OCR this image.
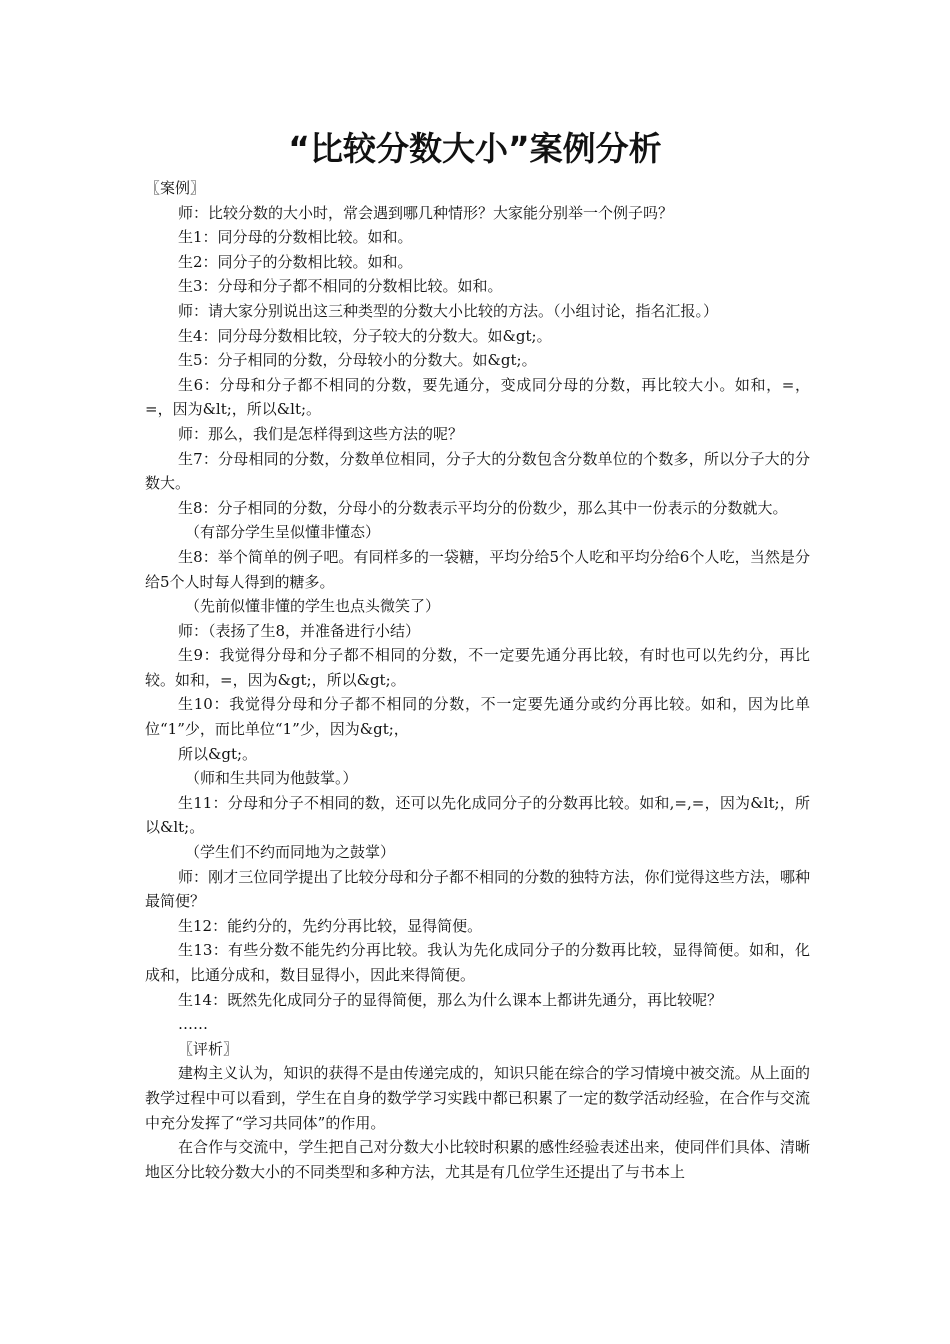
“比较分数大小”案例分析

〖案例〗

师：比较分数的大小时，常会遇到哪几种情形？大家能分别举一个例子吗？

生1：同分母的分数相比较。如和。

生2：同分子的分数相比较。如和。

生3：分母和分子都不相同的分数相比较。如和。

师：请大家分别说出这三种类型的分数大小比较的方法。（小组讨论，指名汇报。）

生4：同分母分数相比较，分子较大的分数大。如&gt;。

生5：分子相同的分数，分母较小的分数大。如&gt;。

生6：分母和分子都不相同的分数，要先通分，变成同分母的分数，再比较大小。如和，=，=，因为&lt;，所以&lt;。

师：那么，我们是怎样得到这些方法的呢？

生7：分母相同的分数，分数单位相同，分子大的分数包含分数单位的个数多，所以分子大的分数大。

生8：分子相同的分数，分母小的分数表示平均分的份数少，那么其中一份表示的分数就大。

（有部分学生呈似懂非懂态）

生8：举个简单的例子吧。有同样多的一袋糖，平均分给5个人吃和平均分给6个人吃，当然是分给5个人时每人得到的糖多。

（先前似懂非懂的学生也点头微笑了）

师：（表扬了生8，并准备进行小结）

生9：我觉得分母和分子都不相同的分数，不一定要先通分再比较，有时也可以先约分，再比较。如和，=，因为&gt;，所以&gt;。

生10：我觉得分母和分子都不相同的分数，不一定要先通分或约分再比较。如和，因为比单位“1”少，而比单位“1”少，因为&gt;，

所以&gt;。

（师和生共同为他鼓掌。）

生11：分母和分子不相同的数，还可以先化成同分子的分数再比较。如和,=,=，因为&lt;，所以&lt;。

（学生们不约而同地为之鼓掌）

师：刚才三位同学提出了比较分母和分子都不相同的分数的独特方法，你们觉得这些方法，哪种最简便？

生12：能约分的，先约分再比较，显得简便。

生13：有些分数不能先约分再比较。我认为先化成同分子的分数再比较，显得简便。如和，化成和，比通分成和，数目显得小，因此来得简便。

生14：既然先化成同分子的显得简便，那么为什么课本上都讲先通分，再比较呢？

……

〖评析〗

建构主义认为，知识的获得不是由传递完成的，知识只能在综合的学习情境中被交流。从上面的教学过程中可以看到，学生在自身的数学学习实践中都已积累了一定的数学活动经验，在合作与交流中充分发挥了“学习共同体”的作用。

在合作与交流中，学生把自己对分数大小比较时积累的感性经验表述出来，使同伴们具体、清晰地区分比较分数大小的不同类型和多种方法，尤其是有几位学生还提出了与书本上
